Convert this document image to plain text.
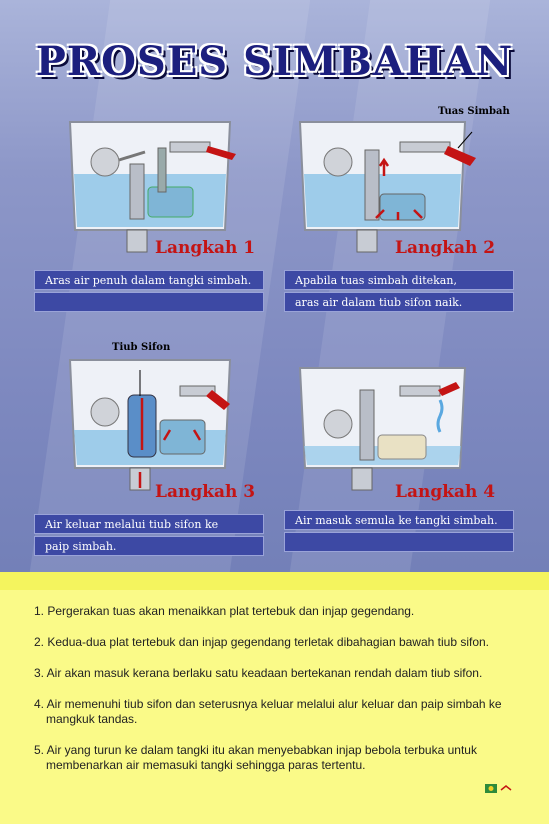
PROSES SIMBAHAN
Langkah 1
Aras air penuh dalam tangki simbah.
Tuas Simbah
Langkah 2
Apabila tuas simbah ditekan,
aras air dalam tiub sifon naik.
Tiub Sifon
Langkah 3
Air keluar melalui tiub sifon ke
paip simbah.
Langkah 4
Air masuk semula ke tangki simbah.
1. Pergerakan tuas akan menaikkan plat tertebuk dan injap gegendang.
2. Kedua-dua plat tertebuk dan injap gegendang terletak dibahagian bawah tiub sifon.
3. Air akan masuk kerana berlaku satu keadaan bertekanan rendah dalam tiub sifon.
4. Air memenuhi tiub sifon dan seterusnya keluar melalui alur keluar dan paip simbah ke mangkuk tandas.
5. Air yang turun ke dalam tangki itu akan menyebabkan injap bebola terbuka untuk membenarkan air memasuki tangki sehingga paras tertentu.
